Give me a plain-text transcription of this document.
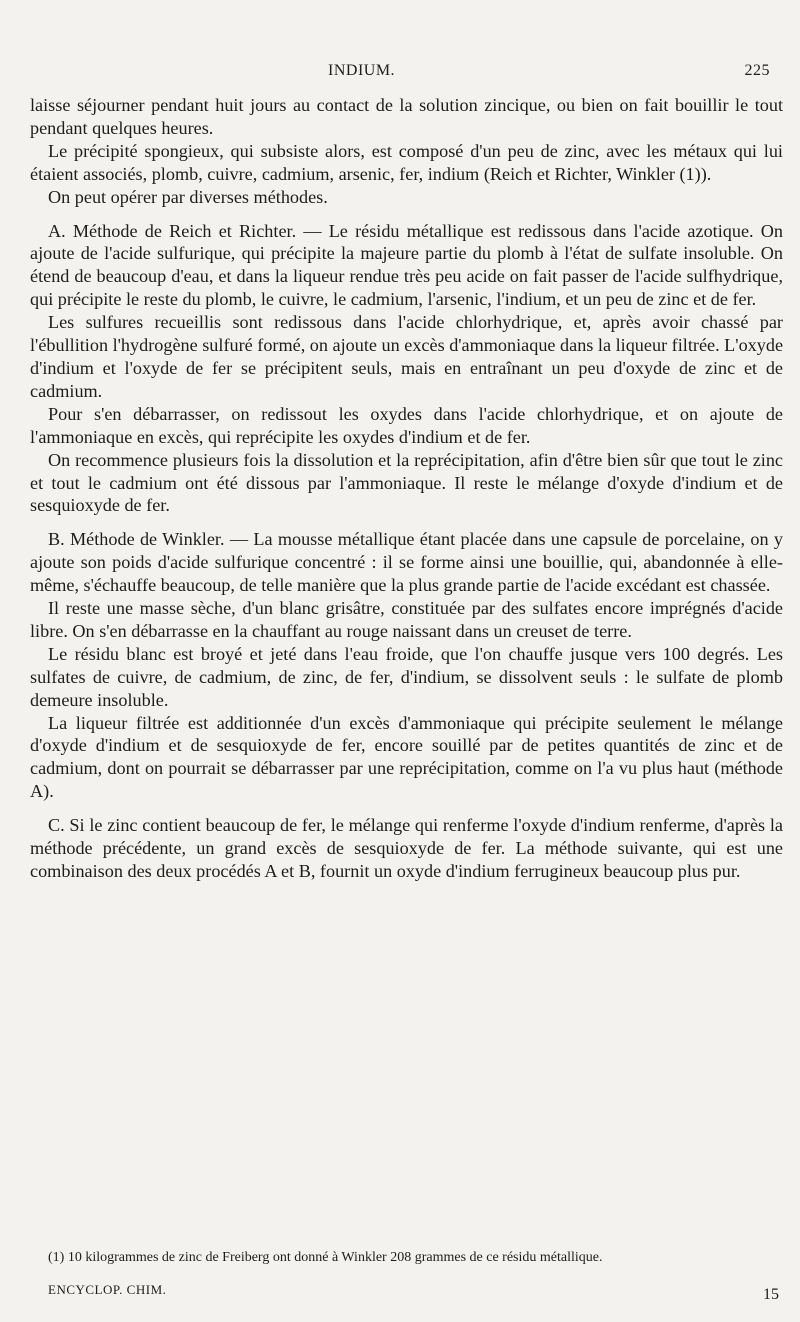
INDIUM.	225

laisse séjourner pendant huit jours au contact de la solution zincique, ou bien on fait bouillir le tout pendant quelques heures.

Le précipité spongieux, qui subsiste alors, est composé d'un peu de zinc, avec les métaux qui lui étaient associés, plomb, cuivre, cadmium, arsenic, fer, indium (Reich et Richter, Winkler (1)).

On peut opérer par diverses méthodes.

A. Méthode de Reich et Richter. — Le résidu métallique est redissous dans l'acide azotique. On ajoute de l'acide sulfurique, qui précipite la majeure partie du plomb à l'état de sulfate insoluble. On étend de beaucoup d'eau, et dans la liqueur rendue très peu acide on fait passer de l'acide sulfhydrique, qui précipite le reste du plomb, le cuivre, le cadmium, l'arsenic, l'indium, et un peu de zinc et de fer.

Les sulfures recueillis sont redissous dans l'acide chlorhydrique, et, après avoir chassé par l'ébullition l'hydrogène sulfuré formé, on ajoute un excès d'ammoniaque dans la liqueur filtrée. L'oxyde d'indium et l'oxyde de fer se précipitent seuls, mais en entraînant un peu d'oxyde de zinc et de cadmium.

Pour s'en débarrasser, on redissout les oxydes dans l'acide chlorhydrique, et on ajoute de l'ammoniaque en excès, qui reprécipite les oxydes d'indium et de fer.

On recommence plusieurs fois la dissolution et la reprécipitation, afin d'être bien sûr que tout le zinc et tout le cadmium ont été dissous par l'ammoniaque. Il reste le mélange d'oxyde d'indium et de sesquioxyde de fer.

B. Méthode de Winkler. — La mousse métallique étant placée dans une capsule de porcelaine, on y ajoute son poids d'acide sulfurique concentré : il se forme ainsi une bouillie, qui, abandonnée à elle-même, s'échauffe beaucoup, de telle manière que la plus grande partie de l'acide excédant est chassée.

Il reste une masse sèche, d'un blanc grisâtre, constituée par des sulfates encore imprégnés d'acide libre. On s'en débarrasse en la chauffant au rouge naissant dans un creuset de terre.

Le résidu blanc est broyé et jeté dans l'eau froide, que l'on chauffe jusque vers 100 degrés. Les sulfates de cuivre, de cadmium, de zinc, de fer, d'indium, se dissolvent seuls : le sulfate de plomb demeure insoluble.

La liqueur filtrée est additionnée d'un excès d'ammoniaque qui précipite seulement le mélange d'oxyde d'indium et de sesquioxyde de fer, encore souillé par de petites quantités de zinc et de cadmium, dont on pourrait se débarrasser par une reprécipitation, comme on l'a vu plus haut (méthode A).

C. Si le zinc contient beaucoup de fer, le mélange qui renferme l'oxyde d'indium renferme, d'après la méthode précédente, un grand excès de sesquioxyde de fer. La méthode suivante, qui est une combinaison des deux procédés A et B, fournit un oxyde d'indium ferrugineux beaucoup plus pur.

(1) 10 kilogrammes de zinc de Freiberg ont donné à Winkler 208 grammes de ce résidu métallique.

ENCYCLOP. CHIM.	15
